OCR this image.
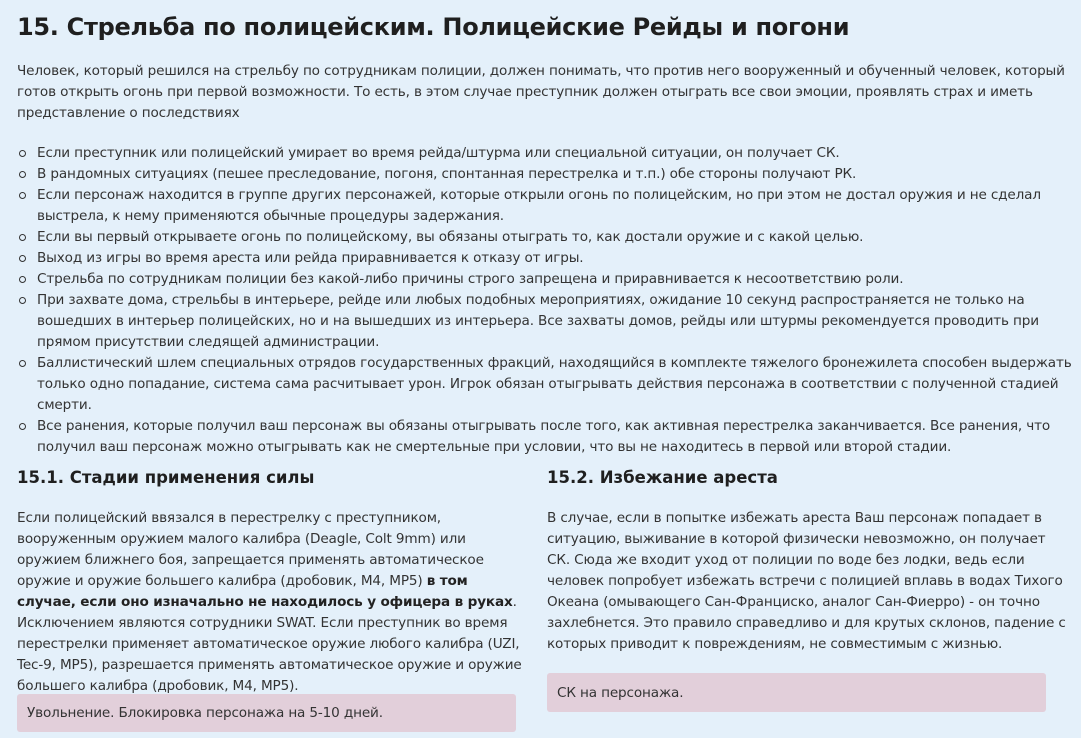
15. Стрельба по полицейским. Полицейские Рейды и погони

Человек, который решился на стрельбу по сотрудникам полиции, должен понимать, что против него вооруженный и обученный человек, который готов открыть огонь при первой возможности. То есть, в этом случае преступник должен отыграть все свои эмоции, проявлять страх и иметь представление о последствиях

Если преступник или полицейский умирает во время рейда/штурма или специальной ситуации, он получает СК.
В рандомных ситуациях (пешее преследование, погоня, спонтанная перестрелка и т.п.) обе стороны получают РК.
Если персонаж находится в группе других персонажей, которые открыли огонь по полицейским, но при этом не достал оружия и не сделал выстрела, к нему применяются обычные процедуры задержания.
Если вы первый открываете огонь по полицейскому, вы обязаны отыграть то, как достали оружие и с какой целью.
Выход из игры во время ареста или рейда приравнивается к отказу от игры.
Стрельба по сотрудникам полиции без какой-либо причины строго запрещена и приравнивается к несоответствию роли.
При захвате дома, стрельбы в интерьере, рейде или любых подобных мероприятиях, ожидание 10 секунд распространяется не только на вошедших в интерьер полицейских, но и на вышедших из интерьера. Все захваты домов, рейды или штурмы рекомендуется проводить при прямом присутствии следящей администрации.
Баллистический шлем специальных отрядов государственных фракций, находящийся в комплекте тяжелого бронежилета способен выдержать только одно попадание, система сама расчитывает урон. Игрок обязан отыгрывать действия персонажа в соответствии с полученной стадией смерти.
Все ранения, которые получил ваш персонаж вы обязаны отыгрывать после того, как активная перестрелка заканчивается. Все ранения, что получил ваш персонаж можно отыгрывать как не смертельные при условии, что вы не находитесь в первой или второй стадии.
15.1. Стадии применения силы

Если полицейский ввязался в перестрелку с преступником, вооруженным оружием малого калибра (Deagle, Colt 9mm) или оружием ближнего боя, запрещается применять автоматическое оружие и оружие большего калибра (дробовик, M4, MP5) в том случае, если оно изначально не находилось у офицера в руках. Исключением являются сотрудники SWAT. Если преступник во время перестрелки применяет автоматическое оружие любого калибра (UZI, Tec-9, MP5), разрешается применять автоматическое оружие и оружие большего калибра (дробовик, M4, MP5).

15.2. Избежание ареста

В случае, если в попытке избежать ареста Ваш персонаж попадает в ситуацию, выживание в которой физически невозможно, он получает СК. Сюда же входит уход от полиции по воде без лодки, ведь если человек попробует избежать встречи с полицией вплавь в водах Тихого Океана (омывающего Сан-Франциско, аналог Сан-Фиерро) - он точно захлебнется. Это правило справедливо и для крутых склонов, падение с которых приводит к повреждениям, не совместимым с жизнью.

Увольнение. Блокировка персонажа на 5-10 дней.
СК на персонажа.
